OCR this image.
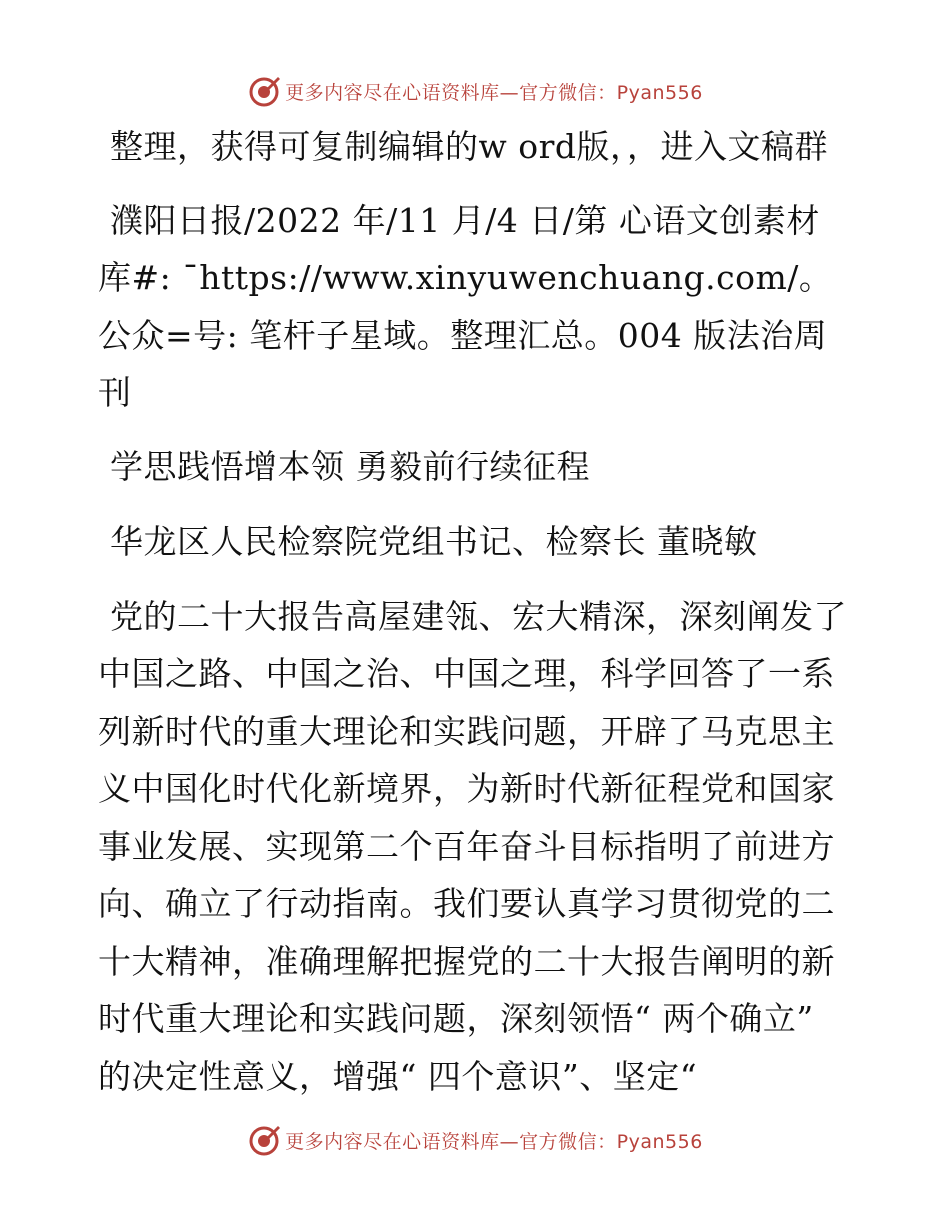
更多内容尽在心语资料库—官方微信：Pyan556

整理，获得可复制编辑的w ord版，，进入文稿群

濮阳日报/2022 年/11 月/4 日/第 心语文创素材库#: ¯https://www.xinyuwenchuang.com/。公众=号: 笔杆子星域。整理汇总。004 版法治周刊

学思践悟增本领 勇毅前行续征程

华龙区人民检察院党组书记、检察长 董晓敏

党的二十大报告高屋建瓴、宏大精深，深刻阐发了中国之路、中国之治、中国之理，科学回答了一系列新时代的重大理论和实践问题，开辟了马克思主义中国化时代化新境界，为新时代新征程党和国家事业发展、实现第二个百年奋斗目标指明了前进方向、确立了行动指南。我们要认真学习贯彻党的二十大精神，准确理解把握党的二十大报告阐明的新时代重大理论和实践问题，深刻领悟“ 两个确立” 的决定性意义，增强“ 四个意识”、坚定“

更多内容尽在心语资料库—官方微信：Pyan556
